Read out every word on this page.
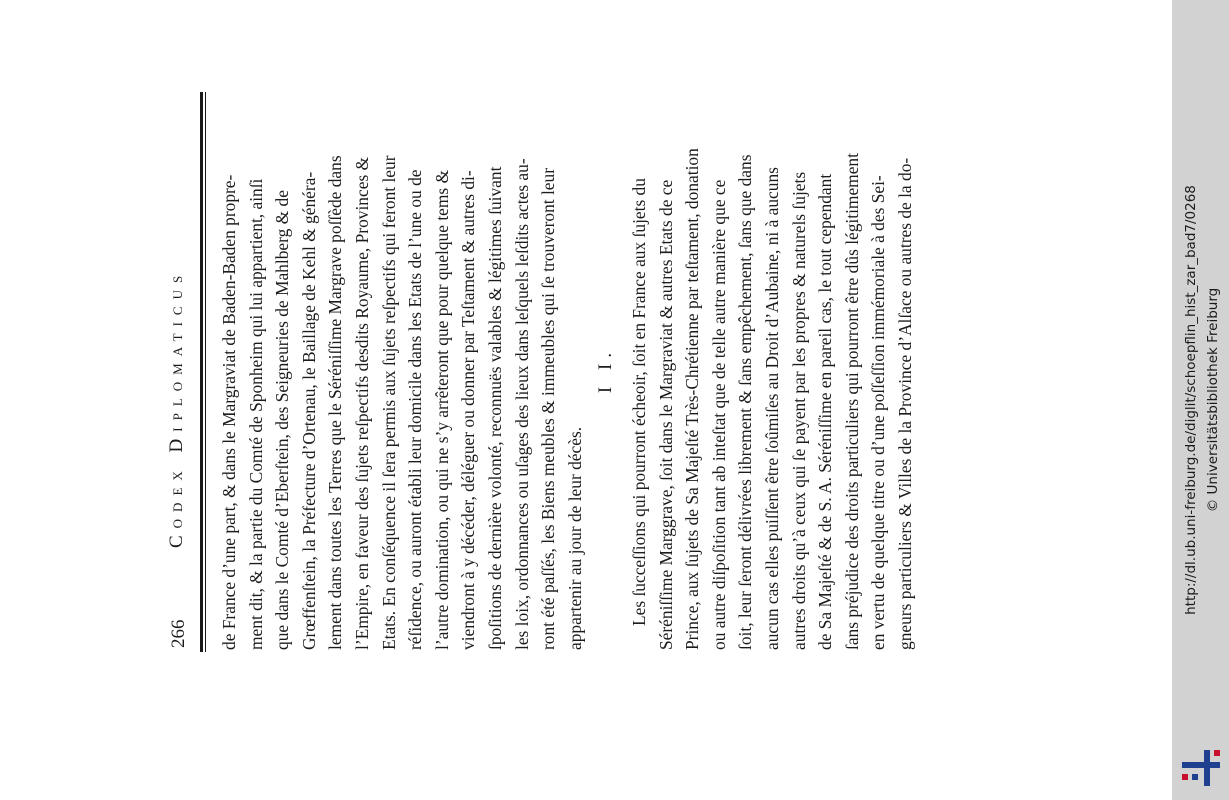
266
Codex Diplomaticus de France d’une part, & dans le Margraviat de Baden-Baden propre- ment dit, & la partie du Comté de Sponheim qui lui appartient, ainſi que dans le Comté d’Eberſtein, des Seigneuries de Mahlberg & de Grœffenſtein, la Préfecture d’Ortenau, le Baillage de Kehl & généra- lement dans toutes les Terres que le Séréniſſime Margrave poſſède dans l’Empire, en faveur des ſujets reſpectifs desdits Royaume, Provinces & Etats. En conſéquence il ſera permis aux ſujets reſpectifs qui feront leur réſidence, ou auront établi leur domicile dans les Etats de l’une ou de l’autre domination, ou qui ne s’y arrêteront que pour quelque tems & viendront à y décéder, déléguer ou donner par Teſtament & autres di- ſpoſitions de dernière volonté, reconnuës valables & légitimes ſuivant les loix, ordonnances ou uſages des lieux dans leſquels leſdits actes au- ront été paſſés, les Biens meubles & immeubles qui ſe trouveront leur appartenir au jour de leur décès.
I I. Les ſucceſſions qui pourront écheoir, ſoit en France aux ſujets du Séréniſſime Marggrave, ſoit dans le Margraviat & autres Etats de ce Prince, aux ſujets de Sa Majeſté Très-Chrétienne par teſtament, donation ou autre diſpoſition tant ab inteſtat que de telle autre manière que ce ſoit, leur ſeront délivrées librement & ſans empêchement, ſans que dans aucun cas elles puiſſent être ſoûmiſes au Droit d’Aubaine, ni à aucuns autres droits qu’à ceux qui ſe payent par les propres & naturels ſujets de Sa Majeſté & de S. A. Séréniſſime en pareil cas, le tout cependant ſans préjudice des droits particuliers qui pourront être dûs légitimement en vertu de quelque titre ou d’une poſſeſſion immémoriale à des Sei- gneurs particuliers & Villes de la Province d’Alſace ou autres de la do-	http://dl.ub.uni-freiburg.de/diglit/schoepflin_hist_zar_bad7/0268 © Universitätsbibliothek Freiburg
